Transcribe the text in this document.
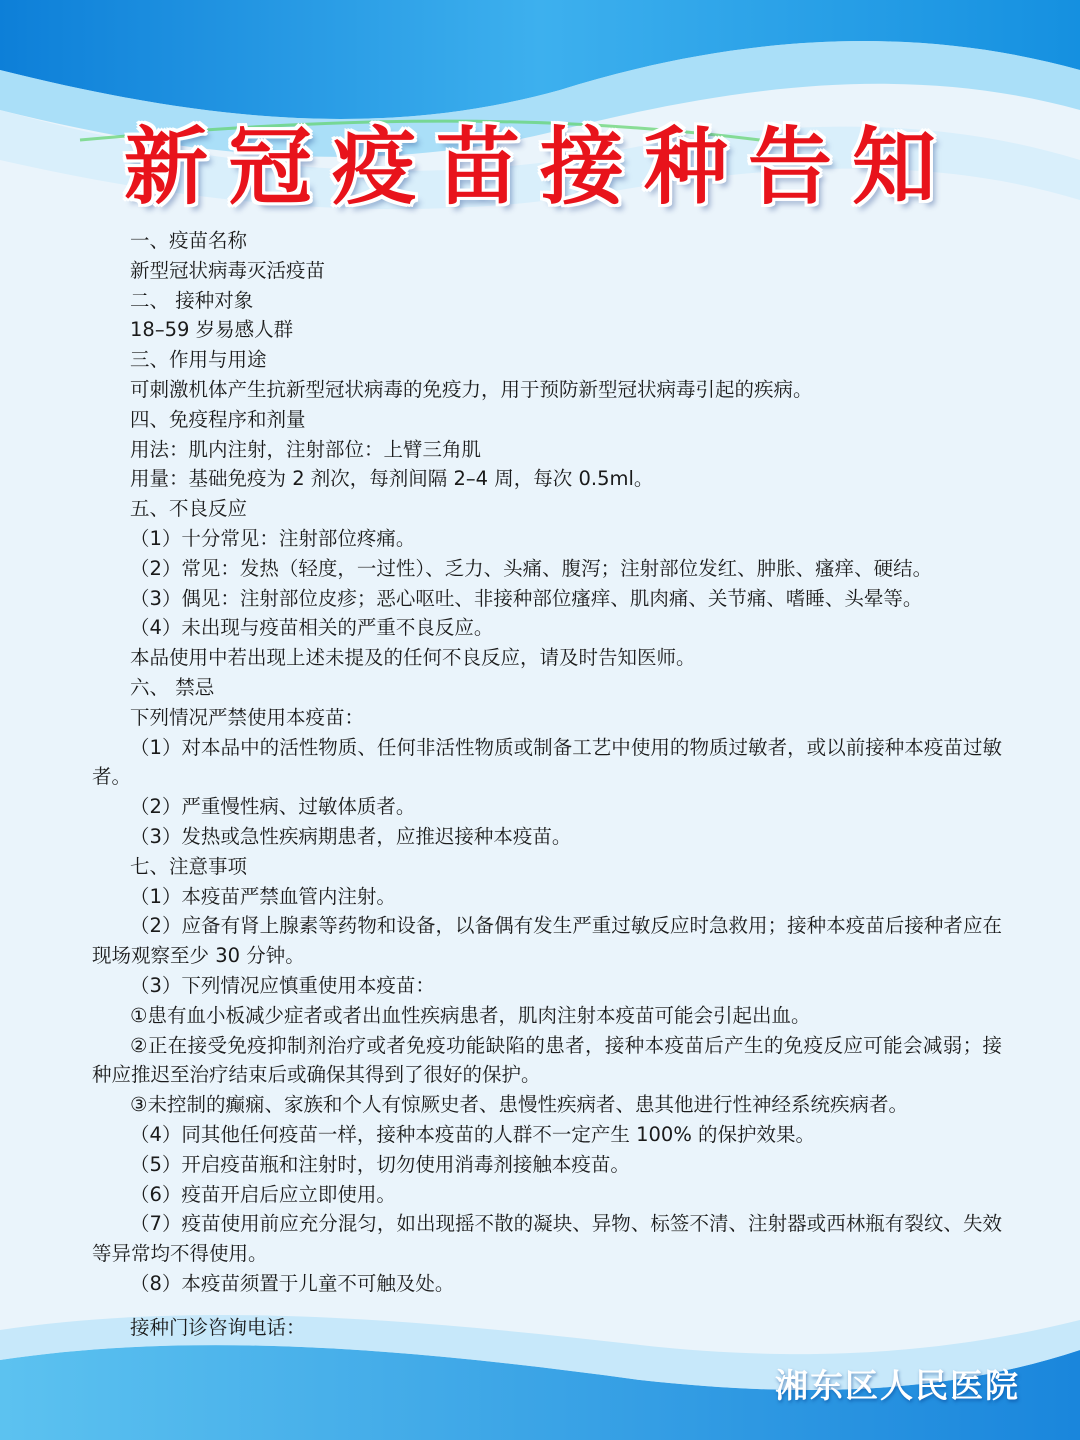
新冠疫苗接种告知
一、疫苗名称
新型冠状病毒灭活疫苗
二、 接种对象
18–59 岁易感人群
三、作用与用途
可刺激机体产生抗新型冠状病毒的免疫力，用于预防新型冠状病毒引起的疾病。
四、免疫程序和剂量
用法：肌内注射，注射部位：上臂三角肌
用量：基础免疫为 2 剂次，每剂间隔 2–4 周，每次 0.5ml。
五、不良反应
（1）十分常见：注射部位疼痛。
（2）常见：发热（轻度，一过性）、乏力、头痛、腹泻；注射部位发红、肿胀、瘙痒、硬结。
（3）偶见：注射部位皮疹；恶心呕吐、非接种部位瘙痒、肌肉痛、关节痛、嗜睡、头晕等。
（4）未出现与疫苗相关的严重不良反应。
本品使用中若出现上述未提及的任何不良反应，请及时告知医师。
六、 禁忌
下列情况严禁使用本疫苗：
（1）对本品中的活性物质、任何非活性物质或制备工艺中使用的物质过敏者，或以前接种本疫苗过敏者。
（2）严重慢性病、过敏体质者。
（3）发热或急性疾病期患者，应推迟接种本疫苗。
七、注意事项
（1）本疫苗严禁血管内注射。
（2）应备有肾上腺素等药物和设备，以备偶有发生严重过敏反应时急救用；接种本疫苗后接种者应在现场观察至少 30 分钟。
（3）下列情况应慎重使用本疫苗：
①患有血小板减少症者或者出血性疾病患者，肌肉注射本疫苗可能会引起出血。
②正在接受免疫抑制剂治疗或者免疫功能缺陷的患者，接种本疫苗后产生的免疫反应可能会减弱；接种应推迟至治疗结束后或确保其得到了很好的保护。
③未控制的癫痫、家族和个人有惊厥史者、患慢性疾病者、患其他进行性神经系统疾病者。
（4）同其他任何疫苗一样，接种本疫苗的人群不一定产生 100% 的保护效果。
（5）开启疫苗瓶和注射时，切勿使用消毒剂接触本疫苗。
（6）疫苗开启后应立即使用。
（7）疫苗使用前应充分混匀，如出现摇不散的凝块、异物、标签不清、注射器或西林瓶有裂纹、失效等异常均不得使用。
（8）本疫苗须置于儿童不可触及处。
接种门诊咨询电话：
湘东区人民医院
